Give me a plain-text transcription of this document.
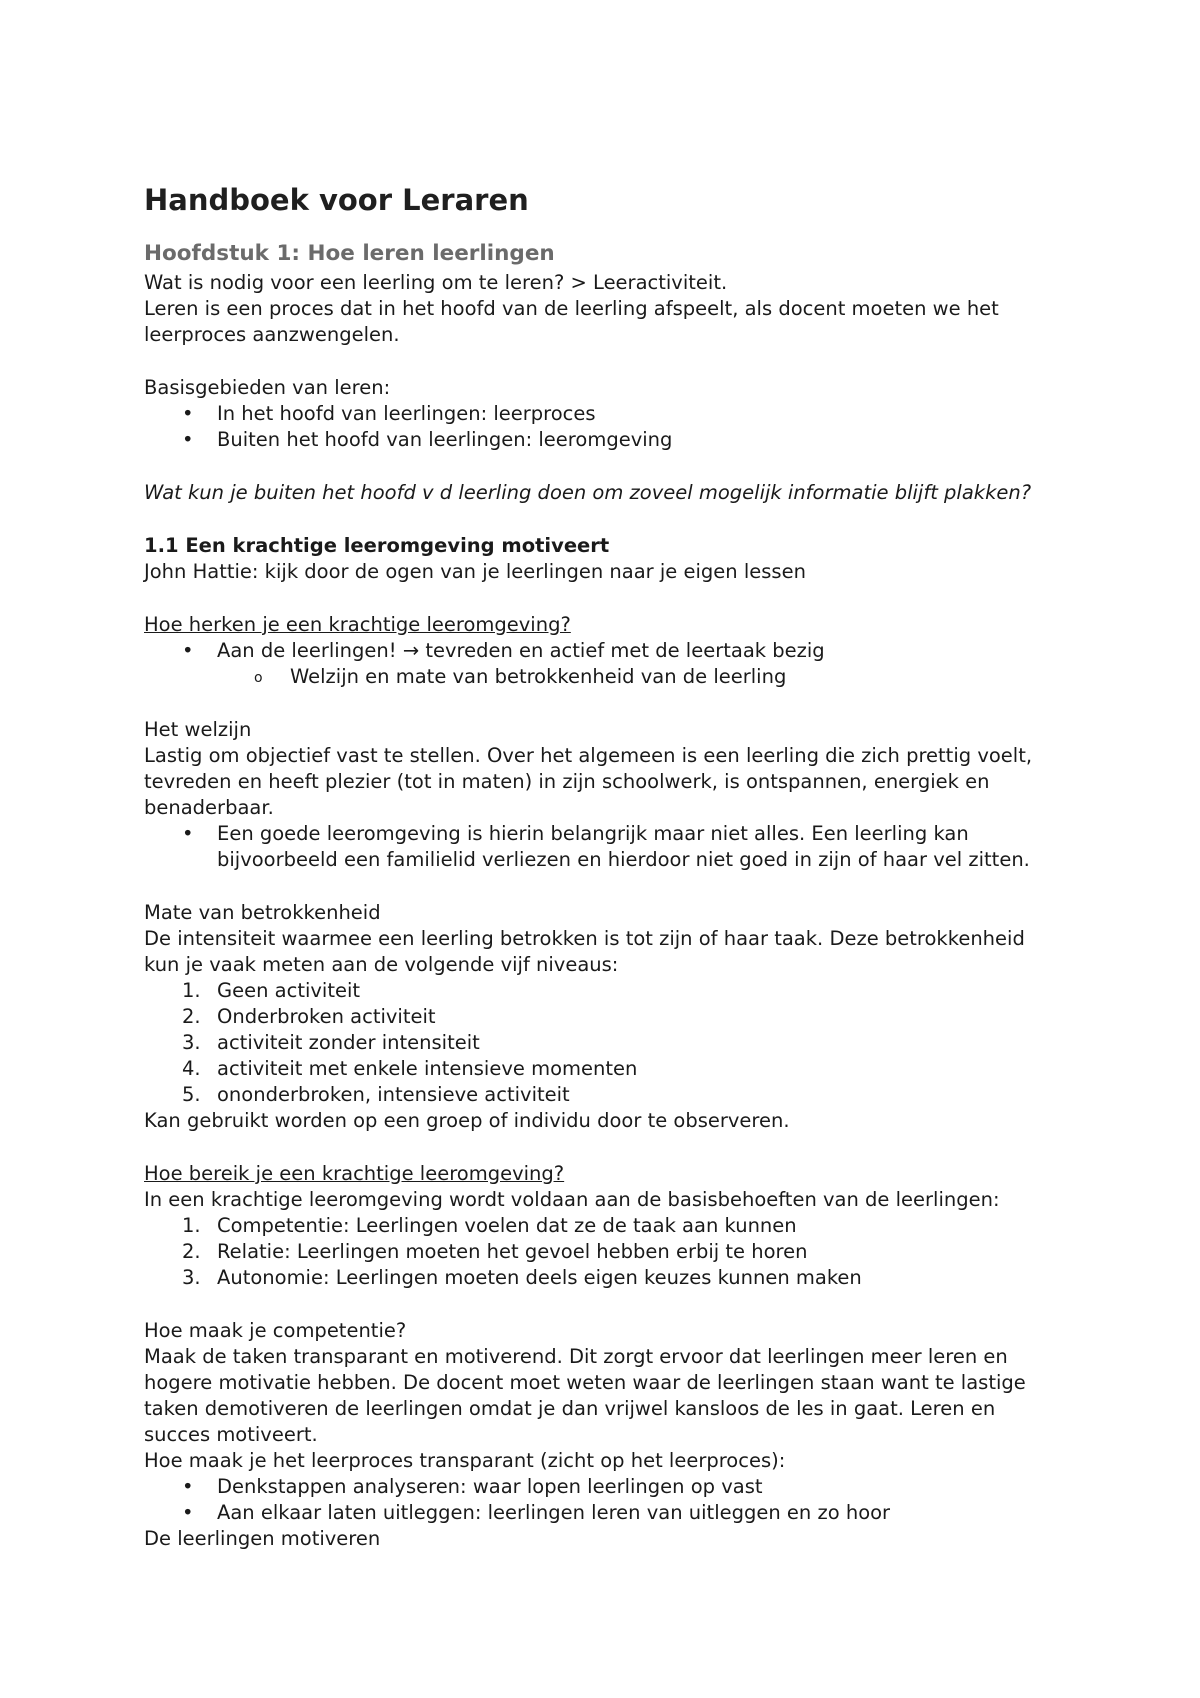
Handboek voor Leraren
Hoofdstuk 1: Hoe leren leerlingen

Wat is nodig voor een leerling om te leren? > Leeractiviteit.

Leren is een proces dat in het hoofd van de leerling afspeelt, als docent moeten we het

leerproces aanzwengelen.

Basisgebieden van leren:

• In het hoofd van leerlingen: leerproces
• Buiten het hoofd van leerlingen: leeromgeving

Wat kun je buiten het hoofd v d leerling doen om zoveel mogelijk informatie blijft plakken?

1.1 Een krachtige leeromgeving motiveert

John Hattie: kijk door de ogen van je leerlingen naar je eigen lessen

Hoe herken je een krachtige leeromgeving?

• Aan de leerlingen! → tevreden en actief met de leertaak bezig
o Welzijn en mate van betrokkenheid van de leerling

Het welzijn

Lastig om objectief vast te stellen. Over het algemeen is een leerling die zich prettig voelt,

tevreden en heeft plezier (tot in maten) in zijn schoolwerk, is ontspannen, energiek en

benaderbaar.

• Een goede leeromgeving is hierin belangrijk maar niet alles. Een leerling kan
bijvoorbeeld een familielid verliezen en hierdoor niet goed in zijn of haar vel zitten.

Mate van betrokkenheid

De intensiteit waarmee een leerling betrokken is tot zijn of haar taak. Deze betrokkenheid

kun je vaak meten aan de volgende vijf niveaus:

1. Geen activiteit
2. Onderbroken activiteit
3. activiteit zonder intensiteit
4. activiteit met enkele intensieve momenten
5. ononderbroken, intensieve activiteit

Kan gebruikt worden op een groep of individu door te observeren.

Hoe bereik je een krachtige leeromgeving?

In een krachtige leeromgeving wordt voldaan aan de basisbehoeften van de leerlingen:

1. Competentie: Leerlingen voelen dat ze de taak aan kunnen
2. Relatie: Leerlingen moeten het gevoel hebben erbij te horen
3. Autonomie: Leerlingen moeten deels eigen keuzes kunnen maken

Hoe maak je competentie?

Maak de taken transparant en motiverend. Dit zorgt ervoor dat leerlingen meer leren en

hogere motivatie hebben. De docent moet weten waar de leerlingen staan want te lastige

taken demotiveren de leerlingen omdat je dan vrijwel kansloos de les in gaat. Leren en

succes motiveert.

Hoe maak je het leerproces transparant (zicht op het leerproces):

• Denkstappen analyseren: waar lopen leerlingen op vast
• Aan elkaar laten uitleggen: leerlingen leren van uitleggen en zo hoor

De leerlingen motiveren
